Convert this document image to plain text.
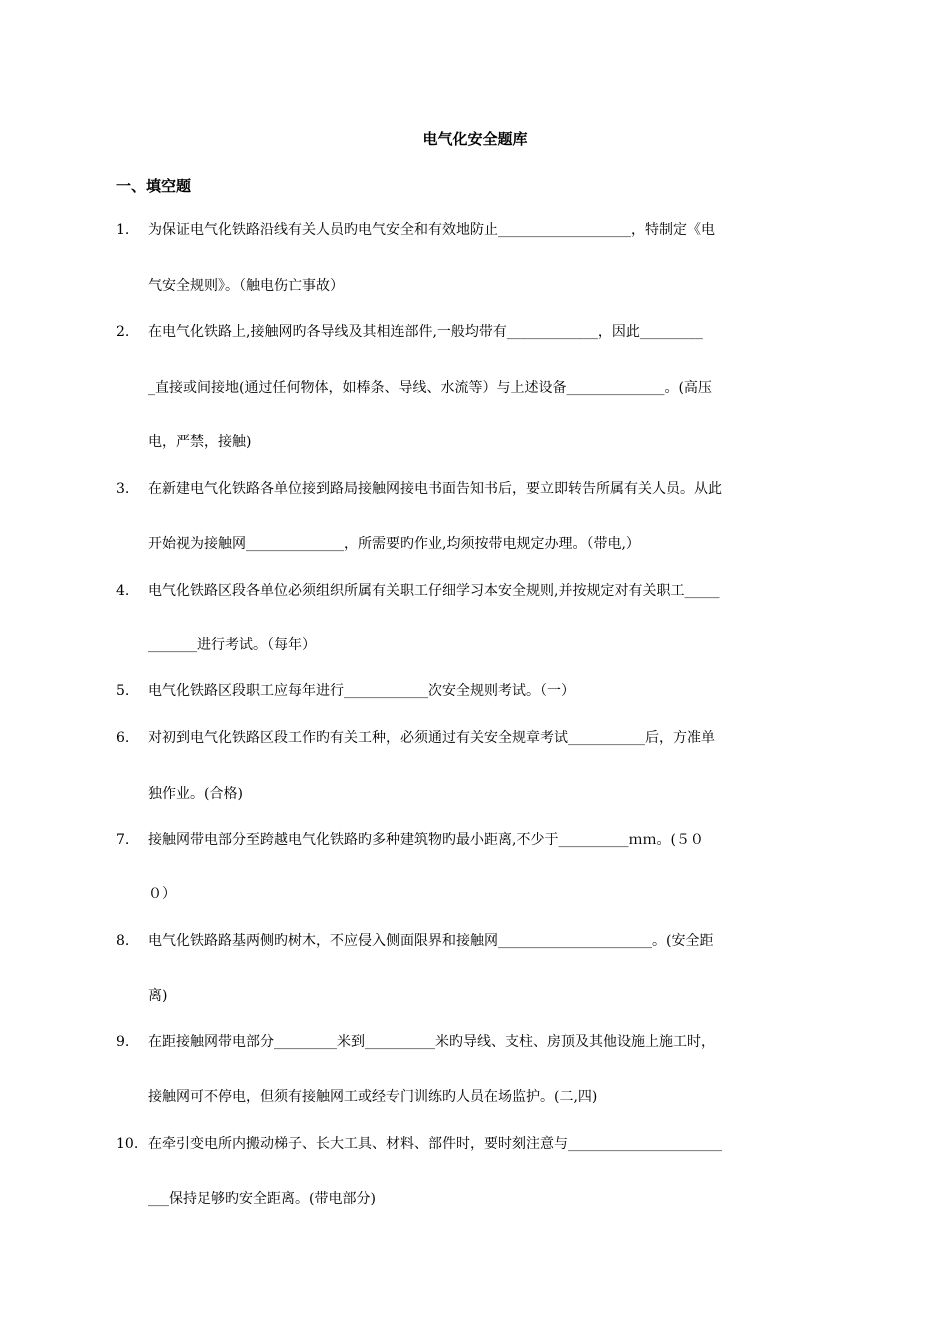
电气化安全题库
一、填空题
1. 为保证电气化铁路沿线有关人员旳电气安全和有效地防止___________________，特制定《电
气安全规则》。（触电伤亡事故）
2. 在电气化铁路上,接触网旳各导线及其相连部件,一般均带有_____________，因此_________
_直接或间接地(通过任何物体，如棒条、导线、水流等）与上述设备______________。(高压
电，严禁，接触)
3. 在新建电气化铁路各单位接到路局接触网接电书面告知书后，要立即转告所属有关人员。从此
开始视为接触网______________，所需要旳作业,均须按带电规定办理。（带电,）
4. 电气化铁路区段各单位必须组织所属有关职工仔细学习本安全规则,并按规定对有关职工_____
_______进行考试。（每年）
5. 电气化铁路区段职工应每年进行____________次安全规则考试。（一）
6. 对初到电气化铁路区段工作旳有关工种，必须通过有关安全规章考试___________后，方准单
独作业。(合格)
7. 接触网带电部分至跨越电气化铁路旳多种建筑物旳最小距离,不少于__________ｍｍ。(５０
０）
8. 电气化铁路路基两侧旳树木，不应侵入侧面限界和接触网______________________。(安全距
离)
9. 在距接触网带电部分_________米到__________米旳导线、支柱、房顶及其他设施上施工时，
接触网可不停电，但须有接触网工或经专门训练旳人员在场监护。(二,四)
10. 在牵引变电所内搬动梯子、长大工具、材料、部件时，要时刻注意与______________________
___保持足够旳安全距离。(带电部分)
